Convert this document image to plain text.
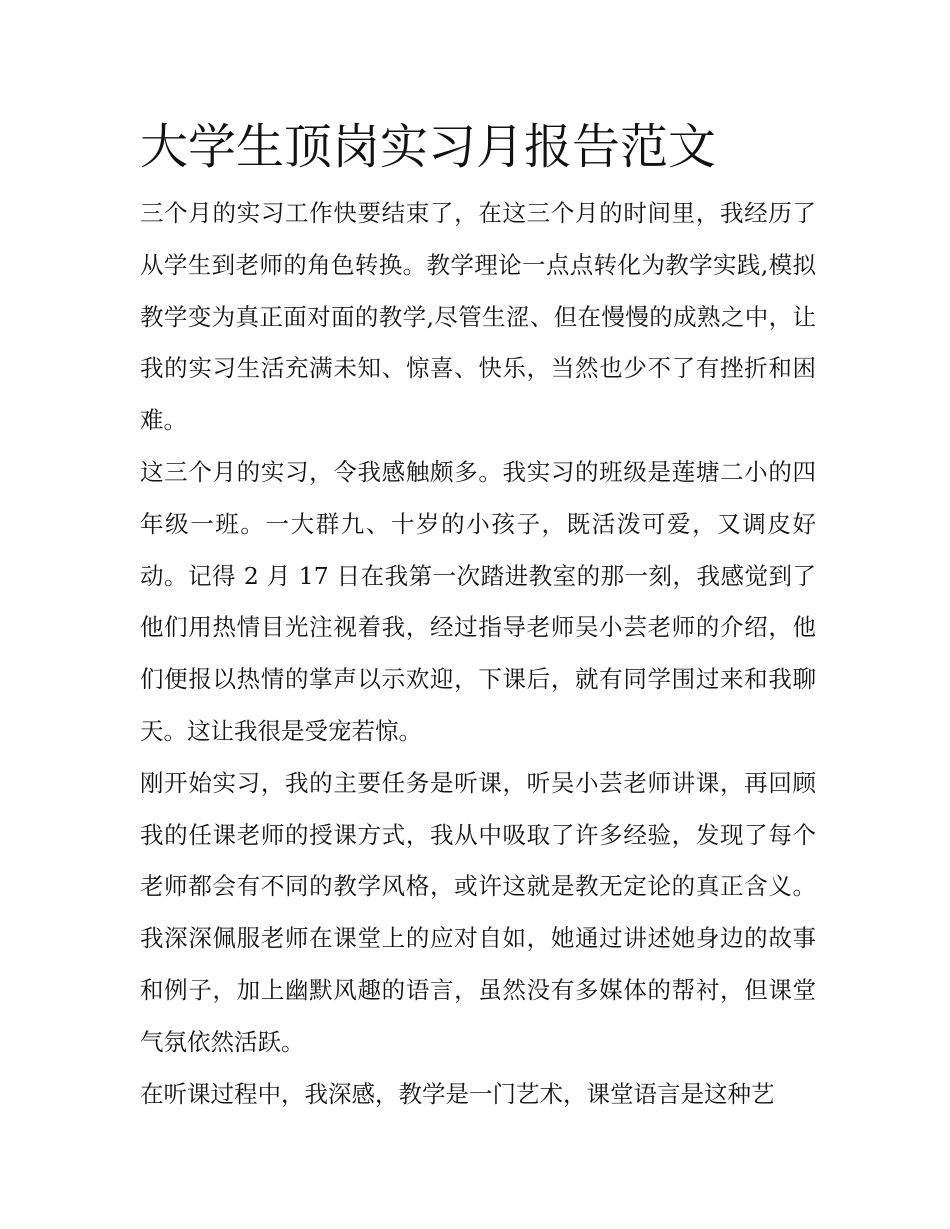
大学生顶岗实习月报告范文

三个月的实习工作快要结束了，在这三个月的时间里，我经历了从学生到老师的角色转换。教学理论一点点转化为教学实践,模拟教学变为真正面对面的教学,尽管生涩、但在慢慢的成熟之中，让我的实习生活充满未知、惊喜、快乐，当然也少不了有挫折和困难。

这三个月的实习，令我感触颇多。我实习的班级是莲塘二小的四年级一班。一大群九、十岁的小孩子，既活泼可爱，又调皮好动。记得 2 月 17 日在我第一次踏进教室的那一刻，我感觉到了他们用热情目光注视着我，经过指导老师吴小芸老师的介绍，他们便报以热情的掌声以示欢迎，下课后，就有同学围过来和我聊天。这让我很是受宠若惊。

刚开始实习，我的主要任务是听课，听吴小芸老师讲课，再回顾我的任课老师的授课方式，我从中吸取了许多经验，发现了每个老师都会有不同的教学风格，或许这就是教无定论的真正含义。我深深佩服老师在课堂上的应对自如，她通过讲述她身边的故事和例子，加上幽默风趣的语言，虽然没有多媒体的帮衬，但课堂气氛依然活跃。

在听课过程中，我深感，教学是一门艺术，课堂语言是这种艺
